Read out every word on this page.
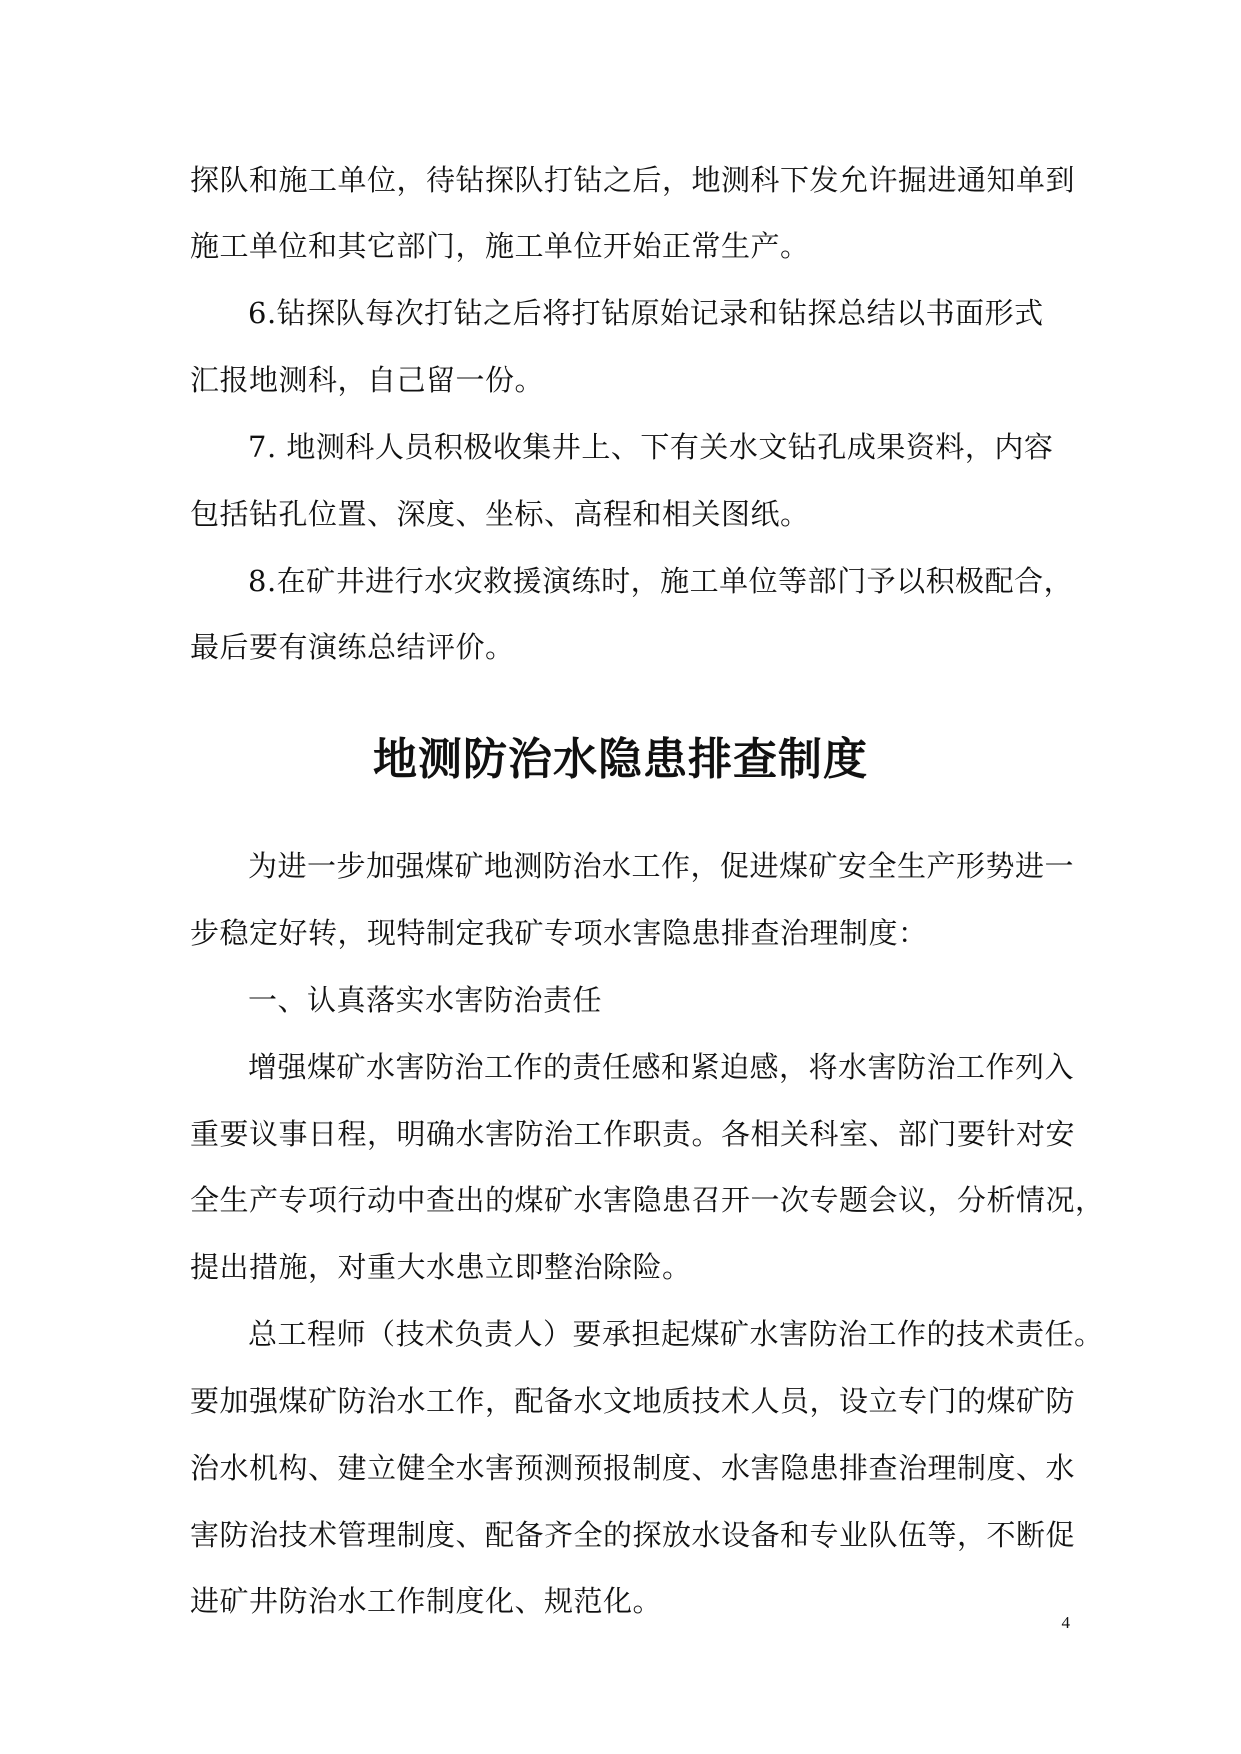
探队和施工单位，待钻探队打钻之后，地测科下发允许掘进通知单到
施工单位和其它部门，施工单位开始正常生产。
6.钻探队每次打钻之后将打钻原始记录和钻探总结以书面形式
汇报地测科，自己留一份。
7. 地测科人员积极收集井上、下有关水文钻孔成果资料，内容
包括钻孔位置、深度、坐标、高程和相关图纸。
8.在矿井进行水灾救援演练时，施工单位等部门予以积极配合，
最后要有演练总结评价。
地测防治水隐患排查制度
为进一步加强煤矿地测防治水工作，促进煤矿安全生产形势进一
步稳定好转，现特制定我矿专项水害隐患排查治理制度：
一、认真落实水害防治责任
增强煤矿水害防治工作的责任感和紧迫感，将水害防治工作列入
重要议事日程，明确水害防治工作职责。各相关科室、部门要针对安
全生产专项行动中查出的煤矿水害隐患召开一次专题会议，分析情况，
提出措施，对重大水患立即整治除险。
总工程师（技术负责人）要承担起煤矿水害防治工作的技术责任。
要加强煤矿防治水工作，配备水文地质技术人员，设立专门的煤矿防
治水机构、建立健全水害预测预报制度、水害隐患排查治理制度、水
害防治技术管理制度、配备齐全的探放水设备和专业队伍等，不断促
进矿井防治水工作制度化、规范化。
4
